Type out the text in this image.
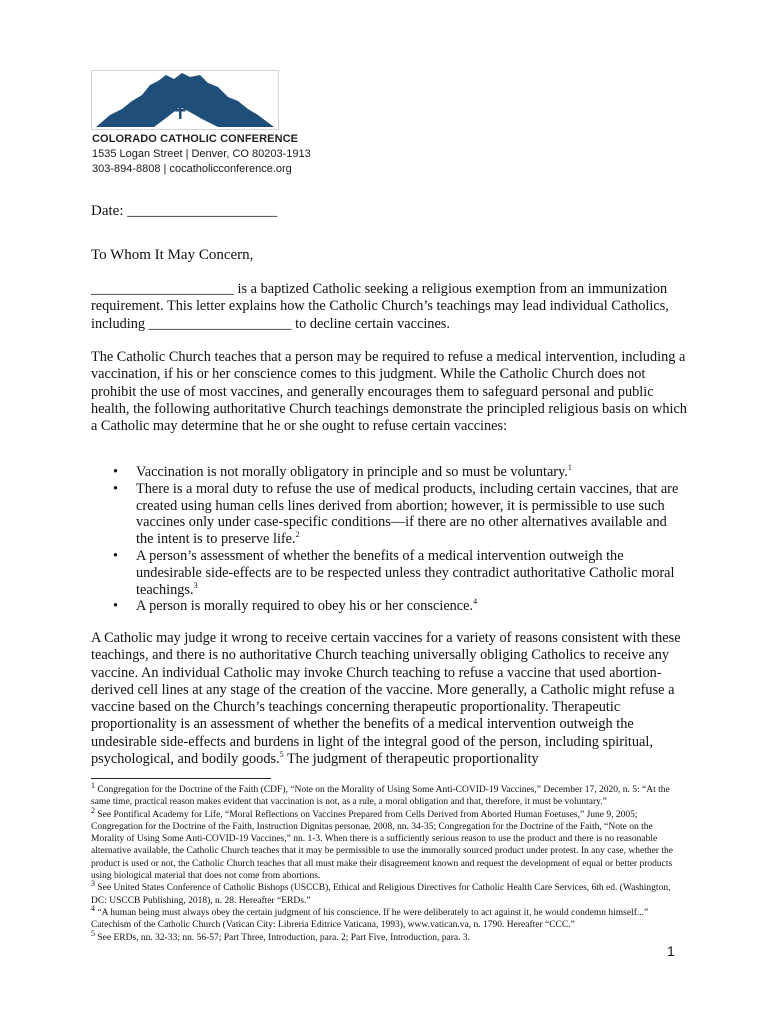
COLORADO CATHOLIC CONFERENCE
1535 Logan Street | Denver, CO 80203-1913
303-894-8808 | cocatholicconference.org
Date: ____________________
To Whom It May Concern,

____________________ is a baptized Catholic seeking a religious exemption from an immunization requirement. This letter explains how the Catholic Church’s teachings may lead individual Catholics, including ____________________ to decline certain vaccines.

The Catholic Church teaches that a person may be required to refuse a medical intervention, including a vaccination, if his or her conscience comes to this judgment. While the Catholic Church does not prohibit the use of most vaccines, and generally encourages them to safeguard personal and public health, the following authoritative Church teachings demonstrate the principled religious basis on which a Catholic may determine that he or she ought to refuse certain vaccines:

• Vaccination is not morally obligatory in principle and so must be voluntary.$^1$
• There is a moral duty to refuse the use of medical products, including certain vaccines, that are created using human cells lines derived from abortion; however, it is permissible to use such vaccines only under case-specific conditions—if there are no other alternatives available and the intent is to preserve life.$^2$
• A person’s assessment of whether the benefits of a medical intervention outweigh the undesirable side-effects are to be respected unless they contradict authoritative Catholic moral teachings.$^3$
• A person is morally required to obey his or her conscience.$^4$

A Catholic may judge it wrong to receive certain vaccines for a variety of reasons consistent with these teachings, and there is no authoritative Church teaching universally obliging Catholics to receive any vaccine. An individual Catholic may invoke Church teaching to refuse a vaccine that used abortion-derived cell lines at any stage of the creation of the vaccine. More generally, a Catholic might refuse a vaccine based on the Church’s teachings concerning therapeutic proportionality. Therapeutic proportionality is an assessment of whether the benefits of a medical intervention outweigh the undesirable side-effects and burdens in light of the integral good of the person, including spiritual, psychological, and bodily goods.$^5$ The judgment of therapeutic proportionality

$^1$ Congregation for the Doctrine of the Faith (CDF), “Note on the Morality of Using Some Anti-COVID-19 Vaccines,” December 17, 2020, n. 5: “At the same time, practical reason makes evident that vaccination is not, as a rule, a moral obligation and that, therefore, it must be voluntary.”

$^2$ See Pontifical Academy for Life, “Moral Reflections on Vaccines Prepared from Cells Derived from Aborted Human Foetuses,” June 9, 2005; Congregation for the Doctrine of the Faith, Instruction Dignitas personae, 2008, nn. 34-35; Congregation for the Doctrine of the Faith, “Note on the Morality of Using Some Anti-COVID-19 Vaccines,” nn. 1-3. When there is a sufficiently serious reason to use the product and there is no reasonable alternative available, the Catholic Church teaches that it may be permissible to use the immorally sourced product under protest. In any case, whether the product is used or not, the Catholic Church teaches that all must make their disagreement known and request the development of equal or better products using biological material that does not come from abortions.

$^3$ See United States Conference of Catholic Bishops (USCCB), Ethical and Religious Directives for Catholic Health Care Services, 6th ed. (Washington, DC: USCCB Publishing, 2018), n. 28. Hereafter “ERDs.”

$^4$ “A human being must always obey the certain judgment of his conscience. If he were deliberately to act against it, he would condemn himself...” Catechism of the Catholic Church (Vatican City: Libreria Editrice Vaticana, 1993), www.vatican.va, n. 1790. Hereafter “CCC.”

$^5$ See ERDs, nn. 32-33; nn. 56-57; Part Three, Introduction, para. 2; Part Five, Introduction, para. 3.

1
